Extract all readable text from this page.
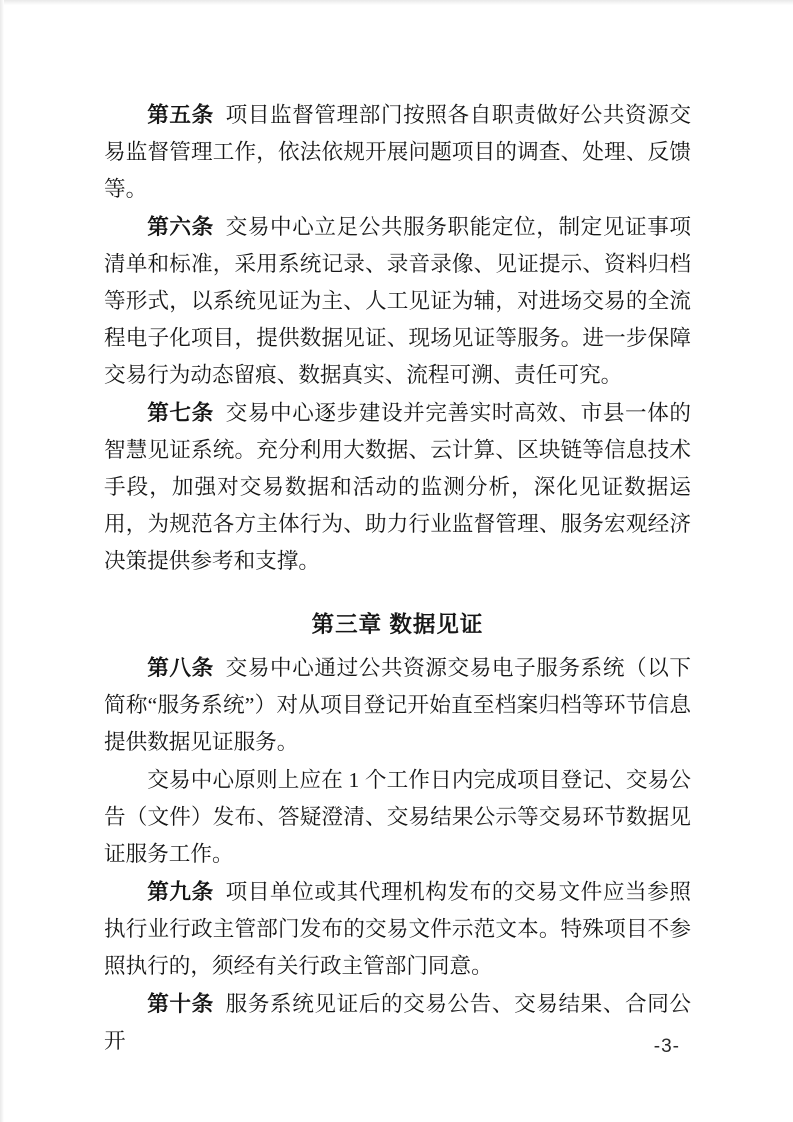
第五条 项目监督管理部门按照各自职责做好公共资源交易监督管理工作，依法依规开展问题项目的调查、处理、反馈等。

第六条 交易中心立足公共服务职能定位，制定见证事项清单和标准，采用系统记录、录音录像、见证提示、资料归档等形式，以系统见证为主、人工见证为辅，对进场交易的全流程电子化项目，提供数据见证、现场见证等服务。进一步保障交易行为动态留痕、数据真实、流程可溯、责任可究。

第七条 交易中心逐步建设并完善实时高效、市县一体的智慧见证系统。充分利用大数据、云计算、区块链等信息技术手段，加强对交易数据和活动的监测分析，深化见证数据运用，为规范各方主体行为、助力行业监督管理、服务宏观经济决策提供参考和支撑。

第三章 数据见证

第八条 交易中心通过公共资源交易电子服务系统（以下简称“服务系统”）对从项目登记开始直至档案归档等环节信息提供数据见证服务。

交易中心原则上应在 1 个工作日内完成项目登记、交易公告（文件）发布、答疑澄清、交易结果公示等交易环节数据见证服务工作。

第九条 项目单位或其代理机构发布的交易文件应当参照执行业行政主管部门发布的交易文件示范文本。特殊项目不参照执行的，须经有关行政主管部门同意。

第十条 服务系统见证后的交易公告、交易结果、合同公开	-3-
